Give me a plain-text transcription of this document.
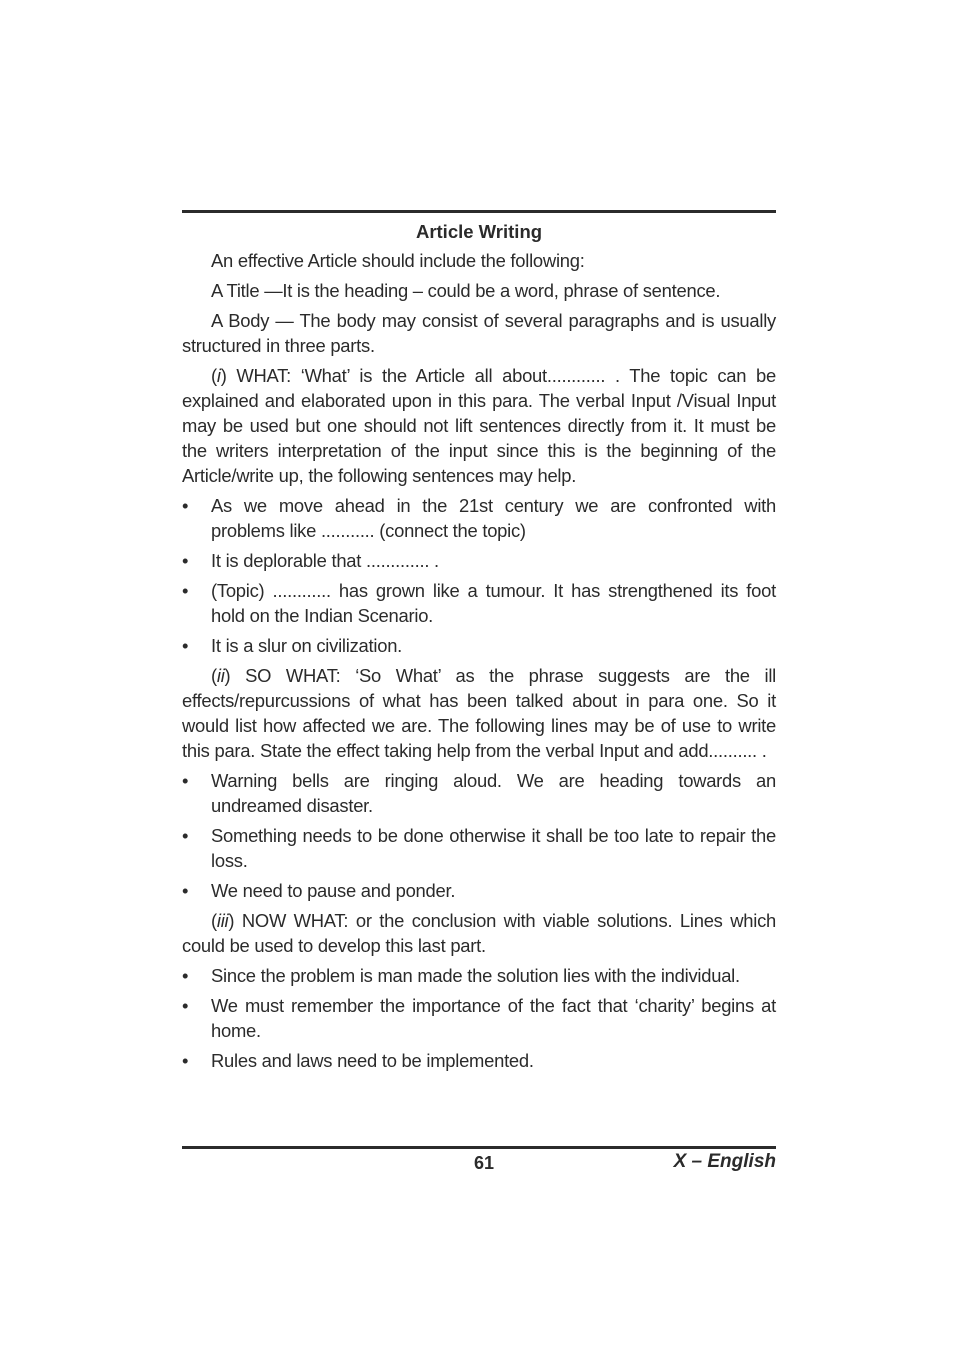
Article Writing

An effective Article should include the following:

A Title —It is the heading – could be a word, phrase of sentence.

A Body — The body may consist of several paragraphs and is usually structured in three parts.

(i) WHAT: ‘What’ is the Article all about............ . The topic can be explained and elaborated upon in this para. The verbal Input /Visual Input may be used but one should not lift sentences directly from it. It must be the writers interpretation of the input since this is the beginning of the Article/write up, the following sentences may help.

• As we move ahead in the 21st century we are confronted with problems like ........... (connect the topic)
• It is deplorable that ............. .
• (Topic) ............ has grown like a tumour. It has strengthened its foot hold on the Indian Scenario.
• It is a slur on civilization.

(ii) SO WHAT: ‘So What’ as the phrase suggests are the ill effects/repurcussions of what has been talked about in para one. So it would list how affected we are. The following lines may be of use to write this para. State the effect taking help from the verbal Input and add.......... .

• Warning bells are ringing aloud. We are heading towards an undreamed disaster.
• Something needs to be done otherwise it shall be too late to repair the loss.
• We need to pause and ponder.

(iii) NOW WHAT: or the conclusion with viable solutions. Lines which could be used to develop this last part.

• Since the problem is man made the solution lies with the individual.
• We must remember the importance of the fact that ‘charity’ begins at home.
• Rules and laws need to be implemented.
61	X – English
